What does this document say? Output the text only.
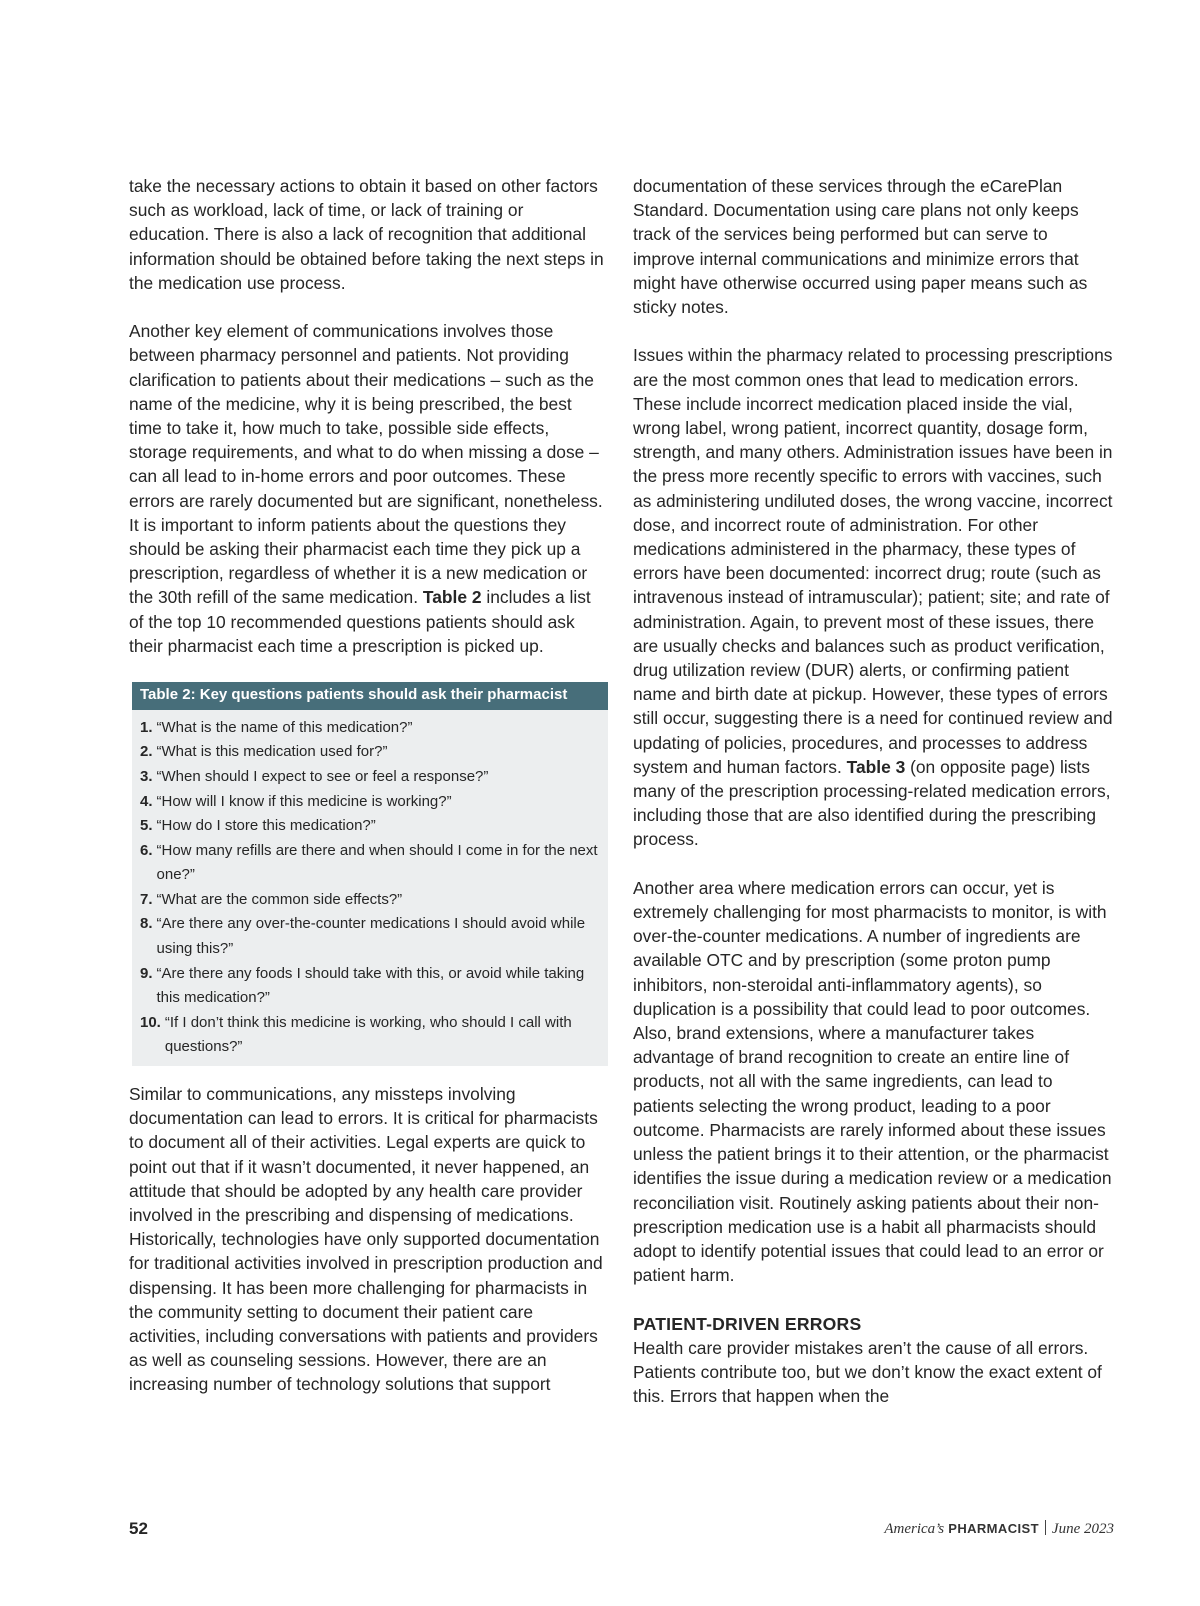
take the necessary actions to obtain it based on other factors such as workload, lack of time, or lack of training or education. There is also a lack of recognition that additional information should be obtained before taking the next steps in the medication use process.

Another key element of communications involves those between pharmacy personnel and patients. Not providing clarification to patients about their medications – such as the name of the medicine, why it is being prescribed, the best time to take it, how much to take, possible side effects, storage requirements, and what to do when missing a dose – can all lead to in-home errors and poor outcomes. These errors are rarely documented but are significant, nonetheless. It is important to inform patients about the questions they should be asking their pharmacist each time they pick up a prescription, regardless of whether it is a new medication or the 30th refill of the same medication. Table 2 includes a list of the top 10 recommended questions patients should ask their pharmacist each time a prescription is picked up.

Table 2: Key questions patients should ask their pharmacist
1. “What is the name of this medication?”
2. “What is this medication used for?”
3. “When should I expect to see or feel a response?”
4. “How will I know if this medicine is working?”
5. “How do I store this medication?”
6. “How many refills are there and when should I come in for the next one?”
7. “What are the common side effects?”
8. “Are there any over-the-counter medications I should avoid while using this?”
9. “Are there any foods I should take with this, or avoid while taking this medication?”
10. “If I don’t think this medicine is working, who should I call with questions?”

Similar to communications, any missteps involving documentation can lead to errors. It is critical for pharmacists to document all of their activities. Legal experts are quick to point out that if it wasn’t documented, it never happened, an attitude that should be adopted by any health care provider involved in the prescribing and dispensing of medications. Historically, technologies have only supported documentation for traditional activities involved in prescription production and dispensing. It has been more challenging for pharmacists in the community setting to document their patient care activities, including conversations with patients and providers as well as counseling sessions. However, there are an increasing number of technology solutions that support

documentation of these services through the eCarePlan Standard. Documentation using care plans not only keeps track of the services being performed but can serve to improve internal communications and minimize errors that might have otherwise occurred using paper means such as sticky notes.

Issues within the pharmacy related to processing prescriptions are the most common ones that lead to medication errors. These include incorrect medication placed inside the vial, wrong label, wrong patient, incorrect quantity, dosage form, strength, and many others. Administration issues have been in the press more recently specific to errors with vaccines, such as administering undiluted doses, the wrong vaccine, incorrect dose, and incorrect route of administration. For other medications administered in the pharmacy, these types of errors have been documented: incorrect drug; route (such as intravenous instead of intramuscular); patient; site; and rate of administration. Again, to prevent most of these issues, there are usually checks and balances such as product verification, drug utilization review (DUR) alerts, or confirming patient name and birth date at pickup. However, these types of errors still occur, suggesting there is a need for continued review and updating of policies, procedures, and processes to address system and human factors. Table 3 (on opposite page) lists many of the prescription processing-related medication errors, including those that are also identified during the prescribing process.

Another area where medication errors can occur, yet is extremely challenging for most pharmacists to monitor, is with over-the-counter medications. A number of ingredients are available OTC and by prescription (some proton pump inhibitors, non-steroidal anti-inflammatory agents), so duplication is a possibility that could lead to poor outcomes. Also, brand extensions, where a manufacturer takes advantage of brand recognition to create an entire line of products, not all with the same ingredients, can lead to patients selecting the wrong product, leading to a poor outcome. Pharmacists are rarely informed about these issues unless the patient brings it to their attention, or the pharmacist identifies the issue during a medication review or a medication reconciliation visit. Routinely asking patients about their non-prescription medication use is a habit all pharmacists should adopt to identify potential issues that could lead to an error or patient harm.

PATIENT-DRIVEN ERRORS

Health care provider mistakes aren’t the cause of all errors. Patients contribute too, but we don’t know the exact extent of this. Errors that happen when the

52	America’s PHARMACIST June 2023
